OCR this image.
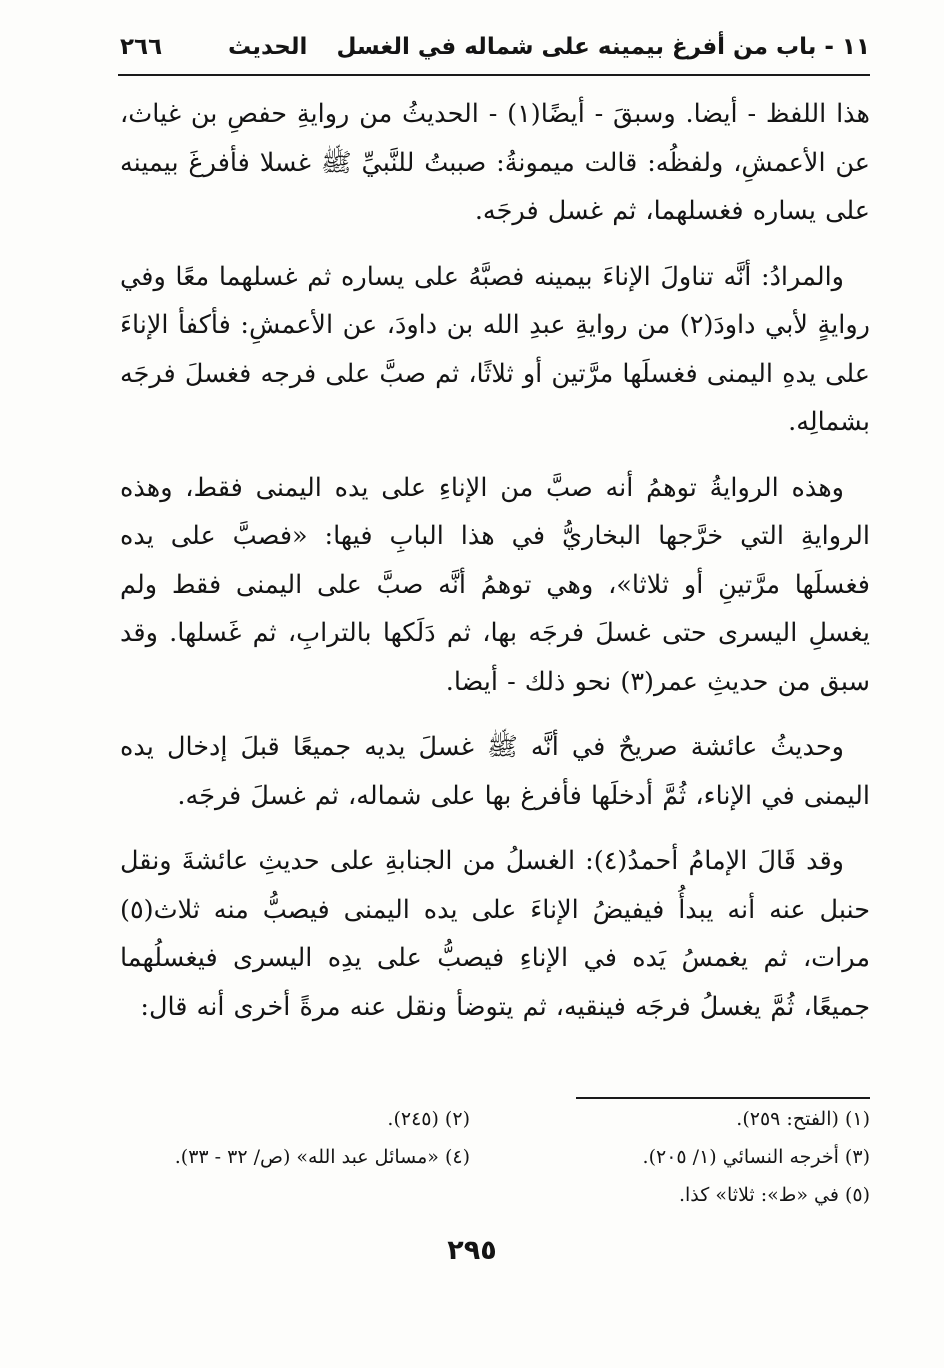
١١ - باب من أفرغ بيمينه على شماله في الغسل
الحديث
٢٦٦

هذا اللفظ - أيضا. وسبقَ - أيضًا(١) - الحديثُ من روايةِ حفصِ بن غياث، عن الأعمشِ، ولفظُه: قالت ميمونةُ: صببتُ للنَّبيِّ ﷺ غسلا فأفرغَ بيمينه على يساره فغسلهما، ثم غسل فرجَه.

والمرادُ: أنَّه تناولَ الإناءَ بيمينه فصبَّهُ على يساره ثم غسلهما معًا وفي روايةٍ لأبي داودَ(٢) من روايةِ عبدِ الله بن داودَ، عن الأعمشِ: فأكفأ الإناءَ على يدهِ اليمنى فغسلَها مرَّتين أو ثلاثًا، ثم صبَّ على فرجه فغسلَ فرجَه بشمالِه.

وهذه الروايةُ توهمُ أنه صبَّ من الإناءِ على يده اليمنى فقط، وهذه الروايةِ التي خرَّجها البخاريُّ في هذا البابِ فيها: «فصبَّ على يده فغسلَها مرَّتينِ أو ثلاثا»، وهي توهمُ أنَّه صبَّ على اليمنى فقط ولم يغسلِ اليسرى حتى غسلَ فرجَه بها، ثم دَلَكها بالترابِ، ثم غَسلها. وقد سبق من حديثِ عمر(٣) نحو ذلك - أيضا.

وحديثُ عائشة صريحٌ في أنَّه ﷺ غسلَ يديه جميعًا قبلَ إدخال يده اليمنى في الإناء، ثُمَّ أدخلَها فأفرغ بها على شماله، ثم غسلَ فرجَه.

وقد قَالَ الإمامُ أحمدُ(٤): الغسلُ من الجنابةِ على حديثِ عائشةَ ونقل حنبل عنه أنه يبدأُ فيفيضُ الإناءَ على يده اليمنى فيصبُّ منه ثلاث(٥) مرات، ثم يغمسُ يَده في الإناءِ فيصبُّ على يدِه اليسرى فيغسلُهما جميعًا، ثُمَّ يغسلُ فرجَه فينقيه، ثم يتوضأ ونقل عنه مرةً أخرى أنه قال:

(١) (الفتح: ٢٥٩).
(٢) (٢٤٥).
(٣) أخرجه النسائي (١/ ٢٠٥).
(٤) «مسائل عبد الله» (ص/ ٣٢ - ٣٣).
(٥) في «ط»: ثلاثا» كذا.
٢٩٥
